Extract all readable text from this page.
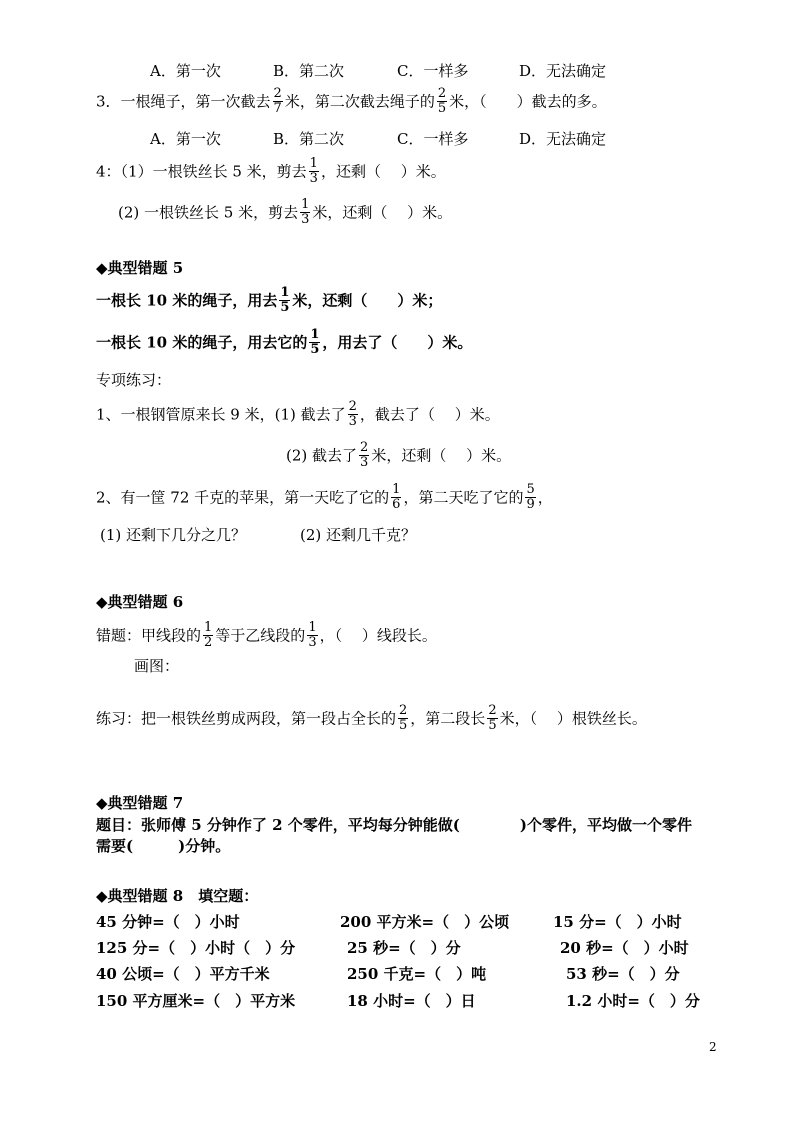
A．第一次	B．第二次	C．一样多	D．无法确定
3．一根绳子，第一次截去 $\frac{2}{7}$ 米，第二次截去绳子的 $\frac{2}{5}$ 米，（　　）截去的多。
A．第一次	B．第二次	C．一样多	D．无法确定
4：（1）一根铁丝长 5 米，剪去 $\frac{1}{3}$ ，还剩（　 ）米。
(2) 一根铁丝长 5 米，剪去 $\frac{1}{3}$ 米，还剩（　 ）米。
◆典型错题 5
一根长 10 米的绳子，用去 $\frac{1}{5}$ 米，还剩（　　）米；
一根长 10 米的绳子，用去它的 $\frac{1}{5}$ ，用去了（　　）米。
专项练习：
1、一根钢管原来长 9 米，(1) 截去了 $\frac{2}{3}$ ，截去了（　 ）米。
(2) 截去了 $\frac{2}{3}$ 米，还剩（　 ）米。
2、有一筐 72 千克的苹果，第一天吃了它的 $\frac{1}{6}$ ，第二天吃了它的 $\frac{5}{9}$ ，
(1) 还剩下几分之几？	(2) 还剩几千克？
◆典型错题 6
错题：甲线段的 $\frac{1}{2}$ 等于乙线段的 $\frac{1}{3}$ ，（　 ）线段长。
画图：
练习：把一根铁丝剪成两段，第一段占全长的 $\frac{2}{5}$ ，第二段长 $\frac{2}{5}$ 米，（　 ）根铁丝长。
◆典型错题 7
题目：张师傅 5 分钟作了 2 个零件，平均每分钟能做(　　　　)个零件，平均做一个零件
需要(　　　)分钟。
◆典型错题 8　填空题：
45 分钟=（　）小时	200 平方米=（　）公顷	15 分=（　）小时
125 分=（　）小时（　）分	25 秒=（　）分	20 秒=（　）小时
40 公顷=（　）平方千米	250 千克=（　）吨	53 秒=（　）分
150 平方厘米=（　）平方米	18 小时=（　）日	1.2 小时=（　）分
2
